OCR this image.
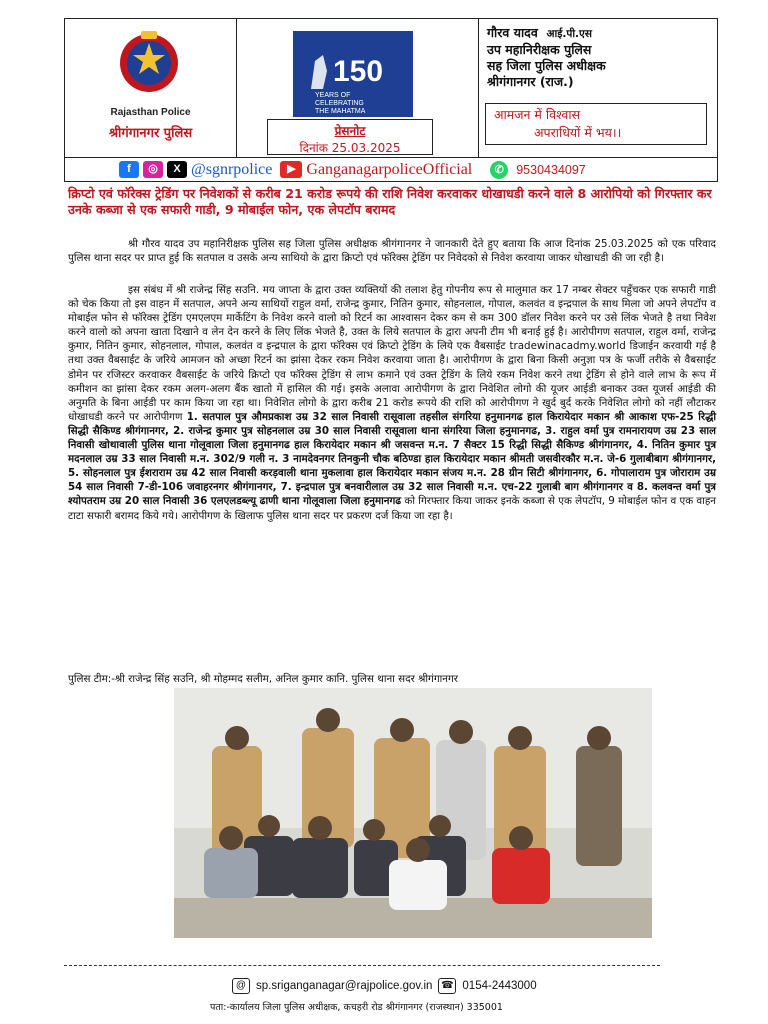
Rajasthan Police
श्रीगंगानगर पुलिस
150
YEARS OF
CELEBRATING
THE MAHATMA
प्रेसनोट
दिनांक 25.03.2025
गौरव यादव आई.पी.एस
उप महानिरीक्षक पुलिस
सह जिला पुलिस अधीक्षक
श्रीगंगानगर (राज.)
आमजन में विश्वास
अपराधियों में भय।।
f	◎	X @sgnrpolice	▶ GanganagarpoliceOfficial	✆ 9530434097
क्रिप्टो एवं फॉरेक्स ट्रेडिंग पर निवेशकों से करीब 21 करोड रूपये की राशि निवेश करवाकर धोखाधडी करने वाले 8 आरोपियो को गिरफ्तार कर उनके कब्जा से एक सफारी गाडी, 9 मोबाईल फोन, एक लेपटॉप बरामद
श्री गौरव यादव उप महानिरीक्षक पुलिस सह जिला पुलिस अधीक्षक श्रीगंगानगर ने जानकारी देते हुए बताया कि आज दिनांक 25.03.2025 को एक परिवाद पुलिस थाना सदर पर प्राप्त हुई कि सतपाल व उसके अन्य साथियो के द्वारा क्रिप्टो एवं फॉरेक्स ट्रेडिंग पर निवेदको से निवेश करवाया जाकर धोखाधडी की जा रही है।
इस संबंध में श्री राजेन्द्र सिंह सउनि. मय जाप्ता के द्वारा उक्त व्यक्तियों की तलाश हेतु गोपनीय रूप से मालुमात कर 17 नम्बर सेक्टर पहुँचकर एक सफारी गाडी को चेक किया तो इस वाहन में सतपाल, अपने अन्य साथियों राहुल वर्मा, राजेन्द्र कुमार, नितिन कुमार, सोहनलाल, गोपाल, कलवंत व इन्द्रपाल के साथ मिला जो अपने लेपटॉप व मोबाईल फोन से फॉरेक्स ट्रेडिंग एमएलएम मार्केटिंग के निवेश करने वालो को रिटर्न का आश्वासन देकर कम से कम 300 डॉलर निवेश करने पर उसे लिंक भेजते है तथा निवेश करने वालो को अपना खाता दिखाने व लेन देन करने के लिए लिंक भेजते है, उक्त के लिये सतपाल के द्वारा अपनी टीम भी बनाई हुई है। आरोपीगण सतपाल, राहुल वर्मा, राजेन्द्र कुमार, नितिन कुमार, सोहनलाल, गोपाल, कलवंत व इन्द्रपाल के द्वारा फॉरेक्स एवं क्रिप्टो ट्रेडिंग के लिये एक वैबसाईट tradewinacadmy.world डिजाईन करवायी गई है तथा उक्त वैबसाईट के जरिये आमजन को अच्छा रिटर्न का झांसा देकर रकम निवेश करवाया जाता है। आरोपीगण के द्वारा बिना किसी अनुज्ञा पत्र के फर्जी तरीके से वैबसाईट डोमेन पर रजिस्टर करवाकर वैबसाईट के जरिये क्रिप्टो एव फॉरेक्स ट्रेडिंग से लाभ कमाने एवं उक्त ट्रेडिंग के लिये रकम निवेश करने तथा ट्रेडिंग से होने वाले लाभ के रूप में कमीशन का झांसा देकर रकम अलग-अलग बैंक खातो में हासिल की गई। इसके अलावा आरोपीगण के द्वारा निवेशित लोगो की यूजर आईडी बनाकर उक्त यूजर्स आईडी की अनुमति के बिना आईडी पर काम किया जा रहा था। निवेशित लोगो के द्वारा करीब 21 करोड रूपये की राशि को आरोपीगण ने खुर्द बुर्द करके निवेशित लोगो को नहीं लौटाकर धोखाधडी करने पर आरोपीगण 1. सतपाल पुत्र औमप्रकाश उम्र 32 साल निवासी रासूवाला तहसील संगरिया हनुमानगढ हाल किरायेदार मकान श्री आकाश एफ-25 रिद्धी सिद्धी सैकिण्ड श्रीगंगानगर, 2. राजेन्द्र कुमार पुत्र सोहनलाल उम्र 30 साल निवासी रासूवाला थाना संगरिया जिला हनुमानगढ, 3. राहुल वर्मा पुत्र रामनारायण उम्र 23 साल निवासी खोथावाली पुलिस थाना गोलूवाला जिला हनुमानगढ हाल किरायेदार मकान श्री जसवन्त म.न. 7 सैक्टर 15 रिद्धी सिद्धी सैकिण्ड श्रीगंगानगर, 4. नितिन कुमार पुत्र मदनलाल उम्र 33 साल निवासी म.न. 302/9 गली न. 3 नामदेवनगर तिनकुनी चौक बठिण्डा हाल किरायेदार मकान श्रीमती जसवीरकौर म.न. जे-6 गुलाबीबाग श्रीगंगानगर, 5. सोहनलाल पुत्र ईशराराम उम्र 42 साल निवासी करड़वाली थाना मुकलावा हाल किरायेदार मकान संजय म.न. 28 ग्रीन सिटी श्रीगंगानगर, 6. गोपालाराम पुत्र जोराराम उम्र 54 साल निवासी 7-डी-106 जवाहरनगर श्रीगंगानगर, 7. इन्द्रपाल पुत्र बनवारीलाल उम्र 32 साल निवासी म.न. एच-22 गुलाबी बाग श्रीगंगानगर व 8. कलवन्त वर्मा पुत्र श्योपतराम उम्र 20 साल निवासी 36 एलएलडब्ल्यू ढाणी थाना गोलूवाला जिला हनुमानगढ को गिरफ्तार किया जाकर इनके कब्जा से एक लेपटॉप, 9 मोबाईल फोन व एक वाहन टाटा सफारी बरामद किये गये। आरोपीगण के खिलाफ पुलिस थाना सदर पर प्रकरण दर्ज किया जा रहा है।
पुलिस टीम:-श्री राजेन्द्र सिंह सउनि, श्री मोहम्मद सलीम, अनिल कुमार कानि. पुलिस थाना सदर श्रीगंगानगर
@ sp.sriganganagar@rajpolice.gov.in ☎ 0154-2443000
पता:-कार्यालय जिला पुलिस अधीक्षक, कचहरी रोड श्रीगंगानगर (राजस्थान) 335001
